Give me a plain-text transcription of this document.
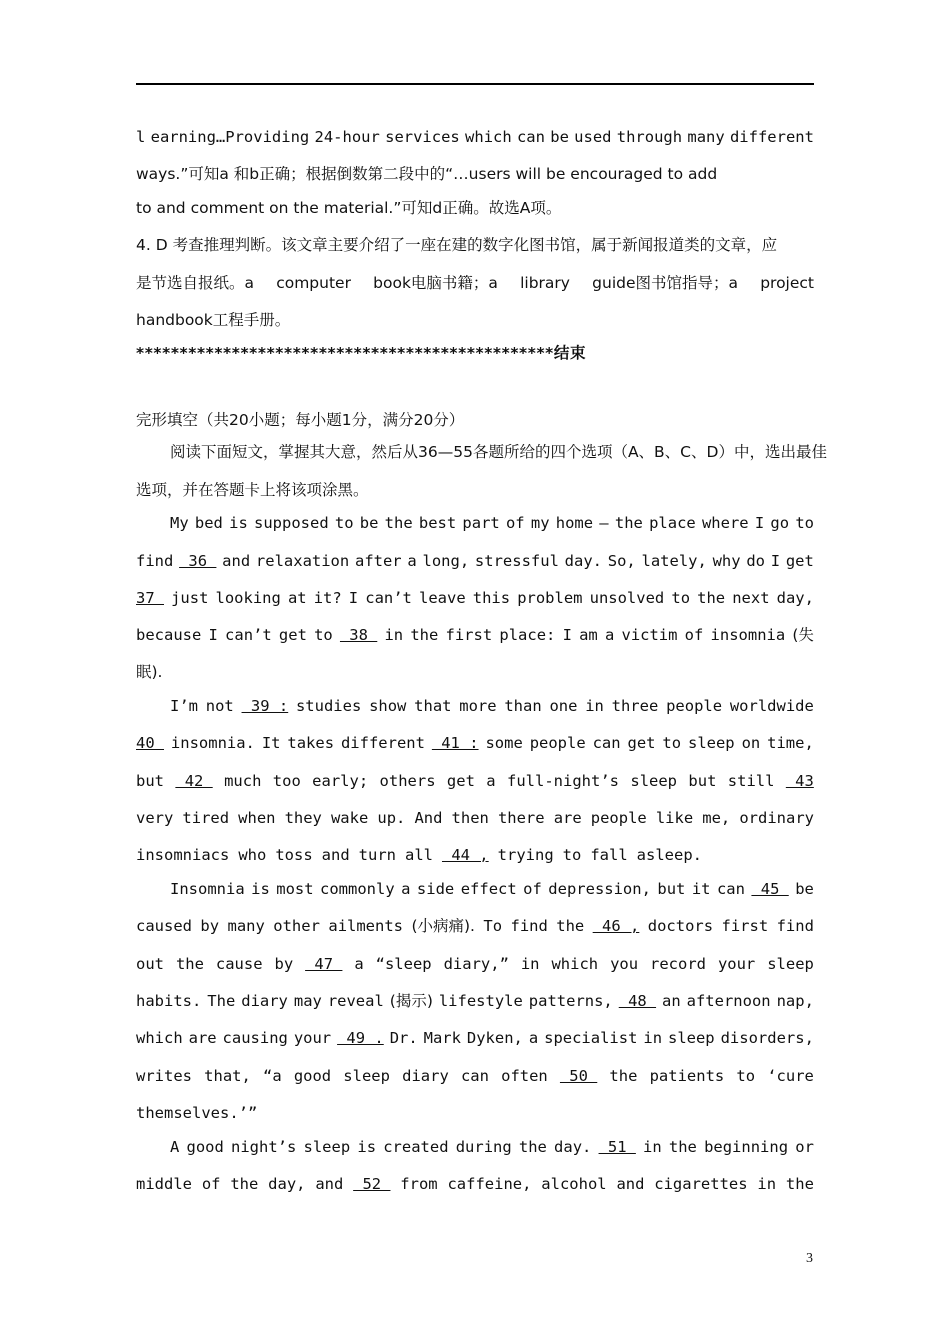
l earning…Providing 24-hour services which can be used through many different
ways.”可知a 和b正确；根据倒数第二段中的“…users will be encouraged to add
to and comment on the material.”可知d正确。故选A项。
4. D 考查推理判断。该文章主要介绍了一座在建的数字化图书馆，属于新闻报道类的文章，应
是节选自报纸。a computer book电脑书籍；a library guide图书馆指导；a project
handbook工程手册。
************************************************结束
完形填空（共20小题；每小题1分，满分20分）
阅读下面短文，掌握其大意，然后从36—55各题所给的四个选项（A、B、C、D）中，选出最佳
选项，并在答题卡上将该项涂黑。
My bed is supposed to be the best part of my home — the place where I go to
find 36 and relaxation after a long, stressful day. So, lately, why do I get
37 just looking at it? I can’t leave this problem unsolved to the next day,
because I can’t get to 38 in the first place: I am a victim of insomnia (失
眠).
I’m not 39 : studies show that more than one in three people worldwide
40 insomnia. It takes different 41 : some people can get to sleep on time,
but 42 much too early; others get a full-night’s sleep but still 43
very tired when they wake up. And then there are people like me, ordinary
insomniacs who toss and turn all 44 , trying to fall asleep.
Insomnia is most commonly a side effect of depression, but it can 45 be
caused by many other ailments (小病痛). To find the 46 , doctors first find
out the cause by 47 a “sleep diary,” in which you record your sleep
habits. The diary may reveal (揭示) lifestyle patterns, 48 an afternoon nap,
which are causing your 49 . Dr. Mark Dyken, a specialist in sleep disorders,
writes that, “a good sleep diary can often 50 the patients to ‘cure
themselves.’”
A good night’s sleep is created during the day. 51 in the beginning or
middle of the day, and 52 from caffeine, alcohol and cigarettes in the
3
